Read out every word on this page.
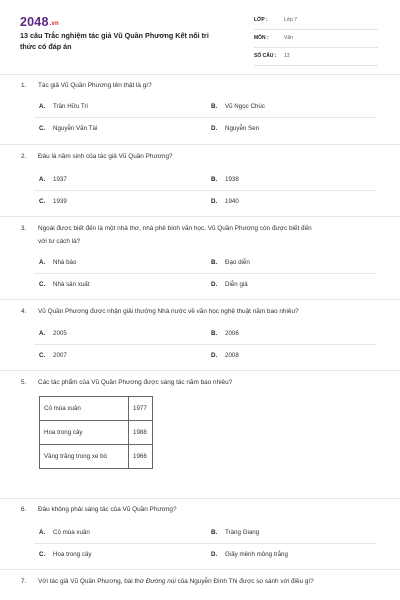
2048.vn
13 câu Trắc nghiệm tác giả Vũ Quần Phương Kết nối tri
thức có đáp án
LỚP :	Lớp 7
MÔN :	Văn
SỐ CÂU : 13
1. Tác giả Vũ Quần Phương tên thật là gì?
A. Trần Hữu Tri	B. Vũ Ngọc Chúc
C. Nguyễn Văn Tài	D. Nguyễn Sen
2. Đâu là năm sinh của tác giả Vũ Quần Phương?
A. 1937	B. 1938
C. 1939	D. 1940
3. Ngoài được biết đến là một nhà thơ, nhà phê bình văn học, Vũ Quần Phương còn được biết đến
với tư cách là?
A. Nhà báo	B. Đạo diễn
C. Nhà sản xuất	D. Diễn giả
4. Vũ Quần Phương được nhận giải thưởng Nhà nước về văn học nghệ thuật năm bao nhiêu?
A. 2005	B. 2006
C. 2007	D. 2008
5. Các tác phẩm của Vũ Quần Phương được sáng tác năm bao nhiêu?
Cỏ mùa xuân	1977
Hoa trong cây	1988
Vầng trăng trong xe bò	1966
6. Đâu không phải sáng tác của Vũ Quần Phương?
A. Cỏ mùa xuân	B. Tràng Giang
C. Hoa trong cây	D. Giấy mênh mông trắng
7. Với tác giả Vũ Quần Phương, bài thơ Đường núi của Nguyễn Đình Thi được so sánh với điều gì?
